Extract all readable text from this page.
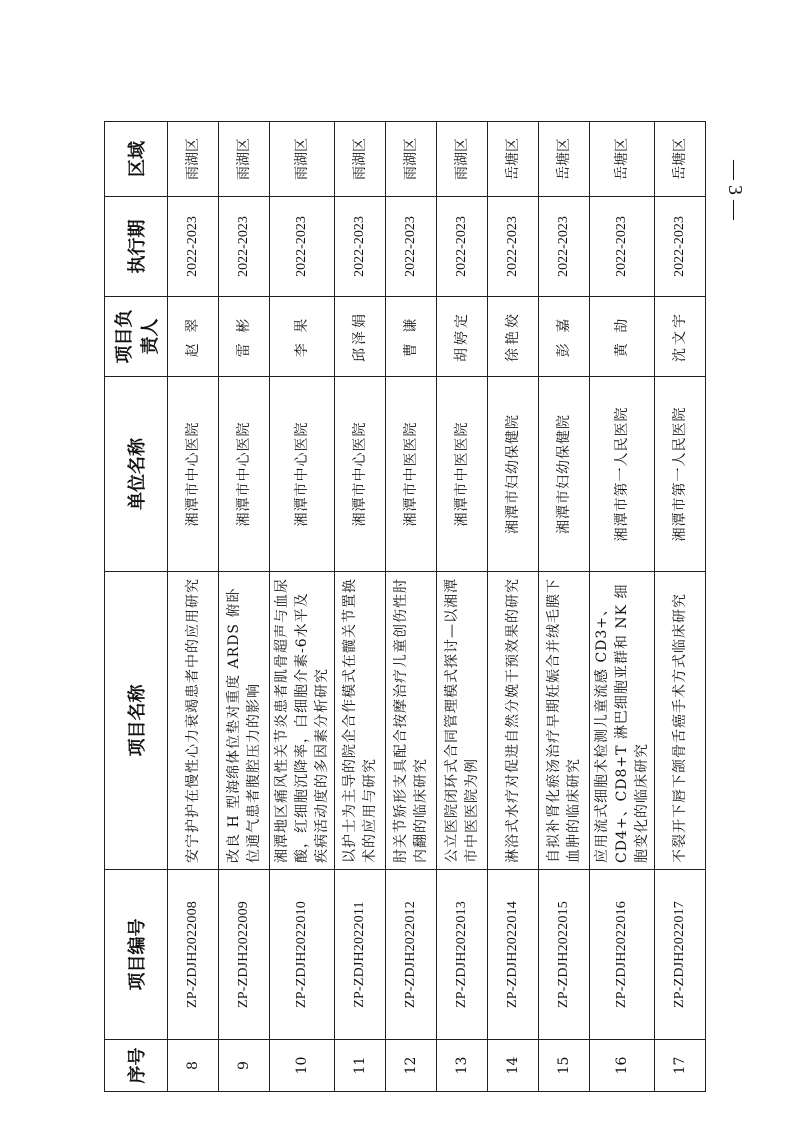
序号	项目编号	项目名称	单位名称	项目负责人	执行期	区域
8	ZP-ZDJH2022008	安宁护护在慢性心力衰竭患者中的应用研究	湘潭市中心医院	赵 翠	2022-2023	雨湖区
9	ZP-ZDJH2022009	改良 H 型海绵体位垫对重度 ARDS 俯卧位通气患者腹腔压力的影响	湘潭市中心医院	雷 彬	2022-2023	雨湖区
10	ZP-ZDJH2022010	湘潭地区痛风性关节炎患者肌骨超声与血尿酸，红细胞沉降率，白细胞介素-6水平及疾病活动度的多因素分析研究	湘潭市中心医院	李 果	2022-2023	雨湖区
11	ZP-ZDJH2022011	以护士为主导的院企合作模式在髋关节置换术的应用与研究	湘潭市中心医院	邱泽娟	2022-2023	雨湖区
12	ZP-ZDJH2022012	肘关节矫形支具配合按摩治疗儿童创伤性肘内翻的临床研究	湘潭市中医医院	曹 谦	2022-2023	雨湖区
13	ZP-ZDJH2022013	公立医院闭环式合同管理模式探讨—以湘潭市中医医院为例	湘潭市中医医院	胡婷定	2022-2023	雨湖区
14	ZP-ZDJH2022014	淋浴式水疗对促进自然分娩干预效果的研究	湘潭市妇幼保健院	徐艳姣	2022-2023	岳塘区
15	ZP-ZDJH2022015	自拟补肾化瘀汤治疗早期妊娠合并绒毛膜下血肿的临床研究	湘潭市妇幼保健院	彭 嘉	2022-2023	岳塘区
16	ZP-ZDJH2022016	应用流式细胞术检测儿童流感 CD3+、CD4+、CD8+T 淋巴细胞亚群和 NK 细胞变化的临床研究	湘潭市第一人民医院	黄 劼	2022-2023	岳塘区
17	ZP-ZDJH2022017	不裂开下唇下颌骨舌癌手术方式临床研究	湘潭市第一人民医院	沈文宇	2022-2023	岳塘区
— 3 —
